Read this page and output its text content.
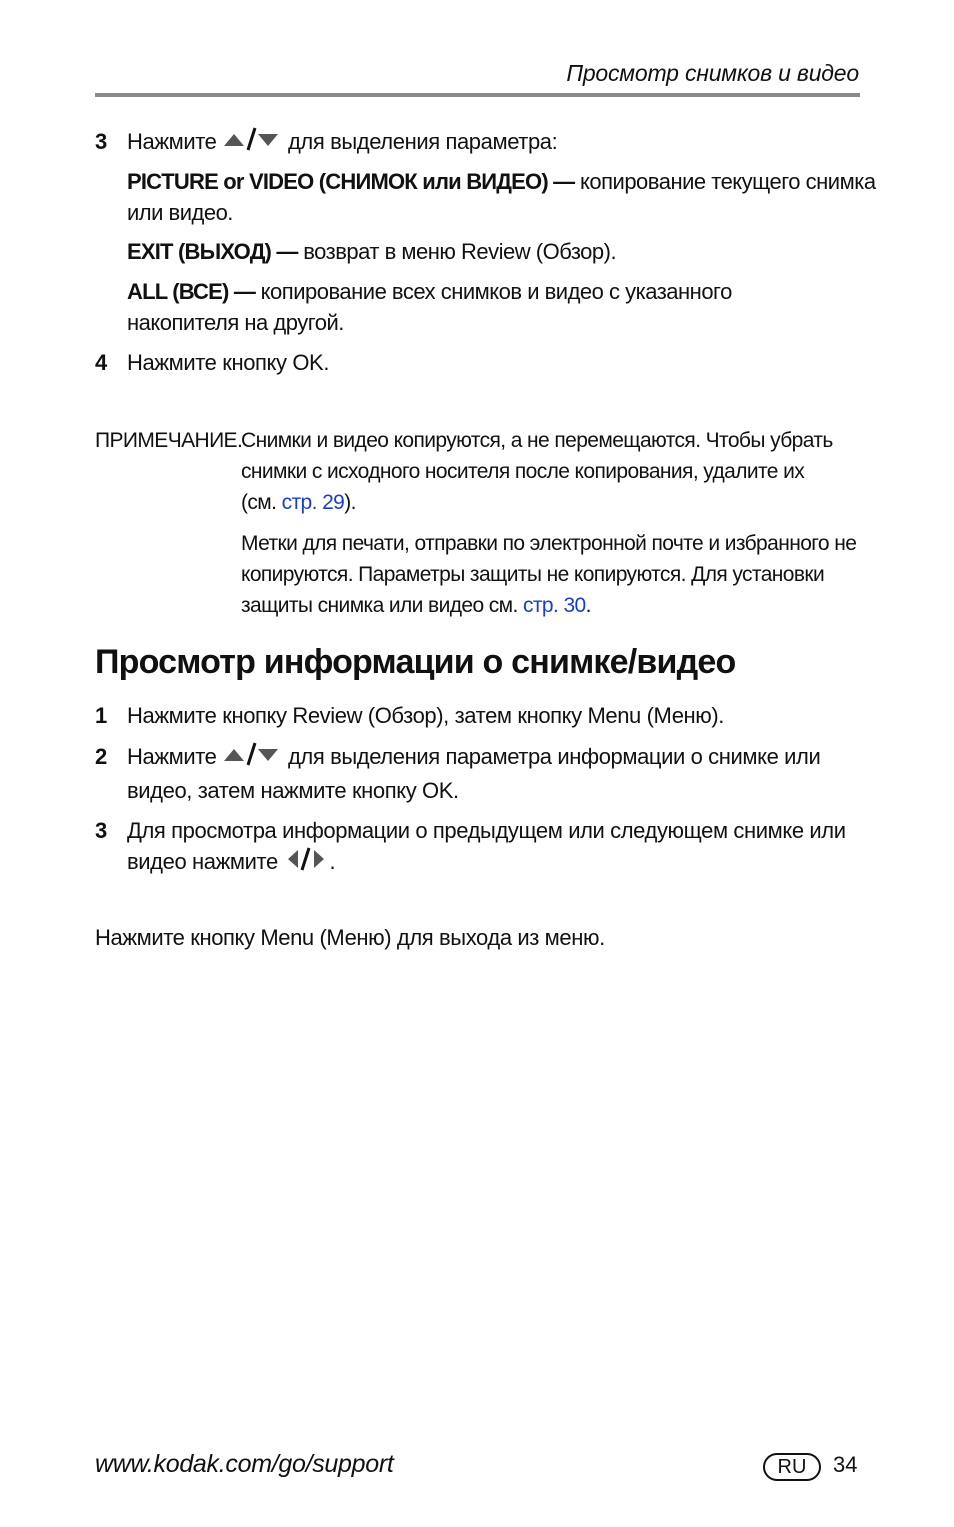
Просмотр снимков и видео
3 Нажмите	для выделения параметра:
PICTURE or VIDEO (СНИМОК или ВИДЕО) — копирование текущего снимка
или видео.
EXIT (ВЫХОД) — возврат в меню Review (Обзор).
ALL (ВСЕ) — копирование всех снимков и видео с указанного
накопителя на другой.
4 Нажмите кнопку OK.
ПРИМЕЧАНИЕ.
Снимки и видео копируются, а не перемещаются. Чтобы убрать
снимки с исходного носителя после копирования, удалите их
(см. стр. 29).
Метки для печати, отправки по электронной почте и избранного не
копируются. Параметры защиты не копируются. Для установки
защиты снимка или видео см. стр. 30.
Просмотр информации о снимке/видео
1 Нажмите кнопку Review (Обзор), затем кнопку Menu (Меню).
2 Нажмите	для выделения параметра информации о снимке или
видео, затем нажмите кнопку OK.
3 Для просмотра информации о предыдущем или следующем снимке или
видео нажмите .
Нажмите кнопку Menu (Меню) для выхода из меню.
www.kodak.com/go/support	RU	34
